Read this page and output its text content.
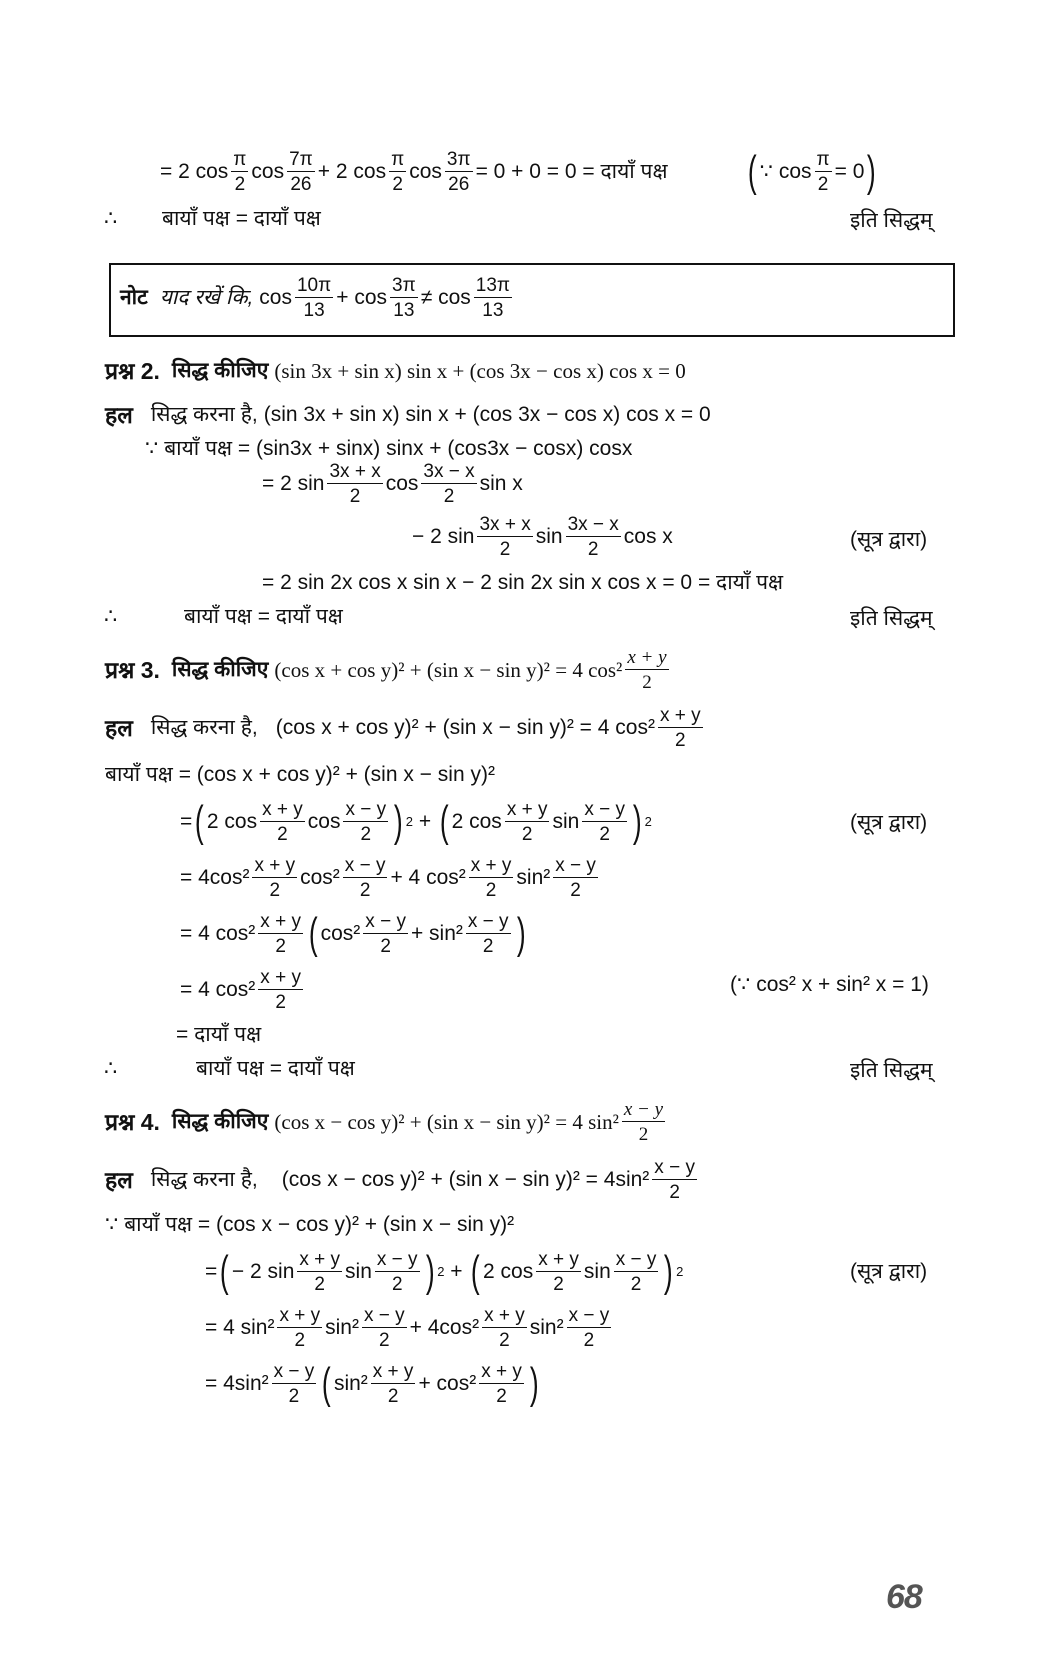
= 2 $\cos \frac{\pi}{2}$ $\cos \frac{7\pi}{26} + 2$ $\cos \frac{\pi}{2}$ $\cos \frac{3\pi}{26} = 0 + 0 = 0$ = दायाँ पक्ष ( ∵ $\cos \frac{\pi}{2} = 0$ )
∴	बायाँ पक्ष = दायाँ पक्ष	इति सिद्धम्
नोट याद रखें कि, $\cos \frac{10\pi}{13} + \cos \frac{3\pi}{13} \ne \cos \frac{13\pi}{13}$
प्रश्न 2. सिद्ध कीजिए (sin 3x + sin x) sin x + (cos 3x − cos x) cos x = 0
हल सिद्ध करना है, (sin 3x + sin x) sin x + (cos 3x − cos x) cos x = 0
∵ बायाँ पक्ष = (sin3x + sinx) sinx + (cos3x − cosx) cosx
= 2 $\sin \frac{3x + x}{2}$ $\cos \frac{3x - x}{2}$ sin x
− 2 $\sin \frac{3x + x}{2}$ $\sin \frac{3x - x}{2}$ cos x	(सूत्र द्वारा)
= 2 sin 2x cos x sin x − 2 sin 2x sin x cos x = 0 = दायाँ पक्ष
∴	बायाँ पक्ष = दायाँ पक्ष	इति सिद्धम्
प्रश्न 3. सिद्ध कीजिए (cos x + cos y)² + (sin x − sin y)² = 4 $\cos^2 \frac{x + y}{2}$
हल सिद्ध करना है, (cos x + cos y)² + (sin x − sin y)² = 4 $\cos^2 \frac{x + y}{2}$
बायाँ पक्ष = (cos x + cos y)² + (sin x − sin y)²
= ( 2 $\cos \frac{x + y}{2}$ $\cos \frac{x - y}{2}$ ) 2 + ( 2 $\cos \frac{x + y}{2}$ $\sin \frac{x - y}{2}$ ) 2	(सूत्र द्वारा)
= $4\cos^2 \frac{x + y}{2} \cos^2 \frac{x - y}{2} + 4$ $\cos^2 \frac{x + y}{2} \sin^2 \frac{x - y}{2}$
= 4 $\cos^2 \frac{x + y}{2}$ ( $\cos^2 \frac{x - y}{2} + \sin^2 \frac{x - y}{2}$ )
= 4 $\cos^2 \frac{x + y}{2}$	(∵ cos² x + sin² x = 1)
= दायाँ पक्ष
∴	बायाँ पक्ष = दायाँ पक्ष	इति सिद्धम्
प्रश्न 4. सिद्ध कीजिए (cos x − cos y)² + (sin x − sin y)² = 4 $\sin^2 \frac{x - y}{2}$
हल सिद्ध करना है, (cos x − cos y)² + (sin $x - \sin y)^2 = 4\sin^2 \frac{x - y}{2}$
∵ बायाँ पक्ष = (cos x − cos y)² + (sin x − sin y)²
= ( − 2 $\sin \frac{x + y}{2}$ $\sin \frac{x - y}{2}$ ) 2 + ( 2 $\cos \frac{x + y}{2}$ $\sin \frac{x - y}{2}$ ) 2	(सूत्र द्वारा)
= 4 $\sin^2 \frac{x + y}{2} \sin^2 \frac{x - y}{2} + 4\cos^2 \frac{x + y}{2} \sin^2 \frac{x - y}{2}$
= $4\sin^2 \frac{x - y}{2}$ ( $\sin^2 \frac{x + y}{2} + \cos^2 \frac{x + y}{2}$ )
68
